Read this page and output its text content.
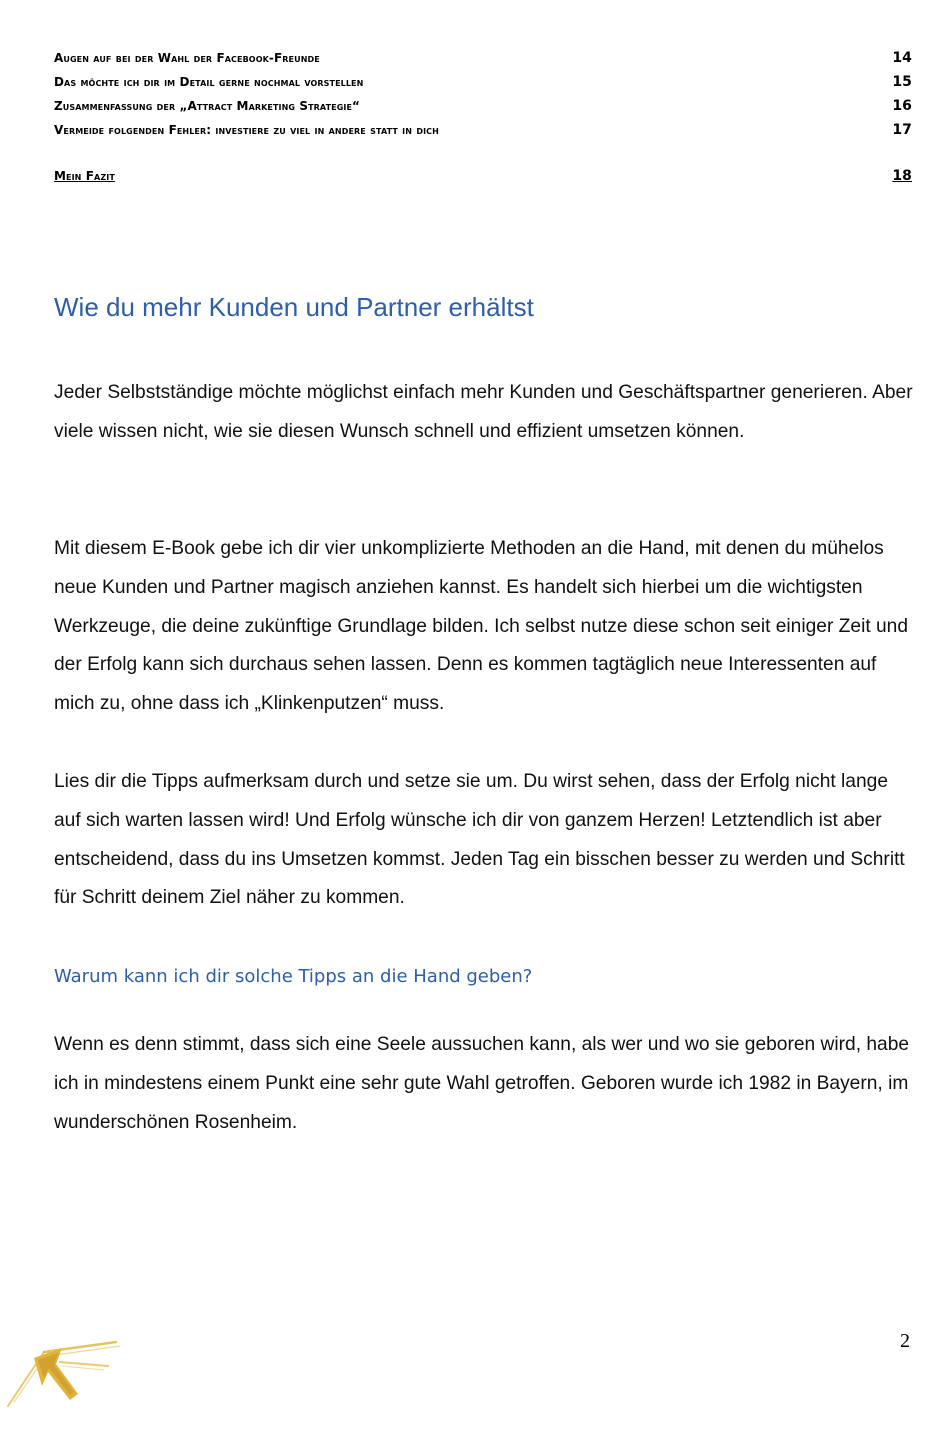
Augen auf bei der Wahl der Facebook-Freunde	14
Das möchte ich dir im Detail gerne nochmal vorstellen	15
Zusammenfassung der „Attract Marketing Strategie“	16
Vermeide folgenden Fehler: investiere zu viel in andere statt in dich	17
Mein Fazit	18
Wie du mehr Kunden und Partner erhältst

Jeder Selbstständige möchte möglichst einfach mehr Kunden und Geschäftspartner generieren. Aber viele wissen nicht, wie sie diesen Wunsch schnell und effizient umsetzen können.

Mit diesem E-Book gebe ich dir vier unkomplizierte Methoden an die Hand, mit denen du mühelos neue Kunden und Partner magisch anziehen kannst. Es handelt sich hierbei um die wichtigsten Werkzeuge, die deine zukünftige Grundlage bilden. Ich selbst nutze diese schon seit einiger Zeit und der Erfolg kann sich durchaus sehen lassen. Denn es kommen tagtäglich neue Interessenten auf mich zu, ohne dass ich „Klinkenputzen“ muss.

Lies dir die Tipps aufmerksam durch und setze sie um. Du wirst sehen, dass der Erfolg nicht lange auf sich warten lassen wird! Und Erfolg wünsche ich dir von ganzem Herzen! Letztendlich ist aber entscheidend, dass du ins Umsetzen kommst. Jeden Tag ein bisschen besser zu werden und Schritt für Schritt deinem Ziel näher zu kommen.

Warum kann ich dir solche Tipps an die Hand geben?

Wenn es denn stimmt, dass sich eine Seele aussuchen kann, als wer und wo sie geboren wird, habe ich in mindestens einem Punkt eine sehr gute Wahl getroffen. Geboren wurde ich 1982 in Bayern, im wunderschönen Rosenheim.

2
